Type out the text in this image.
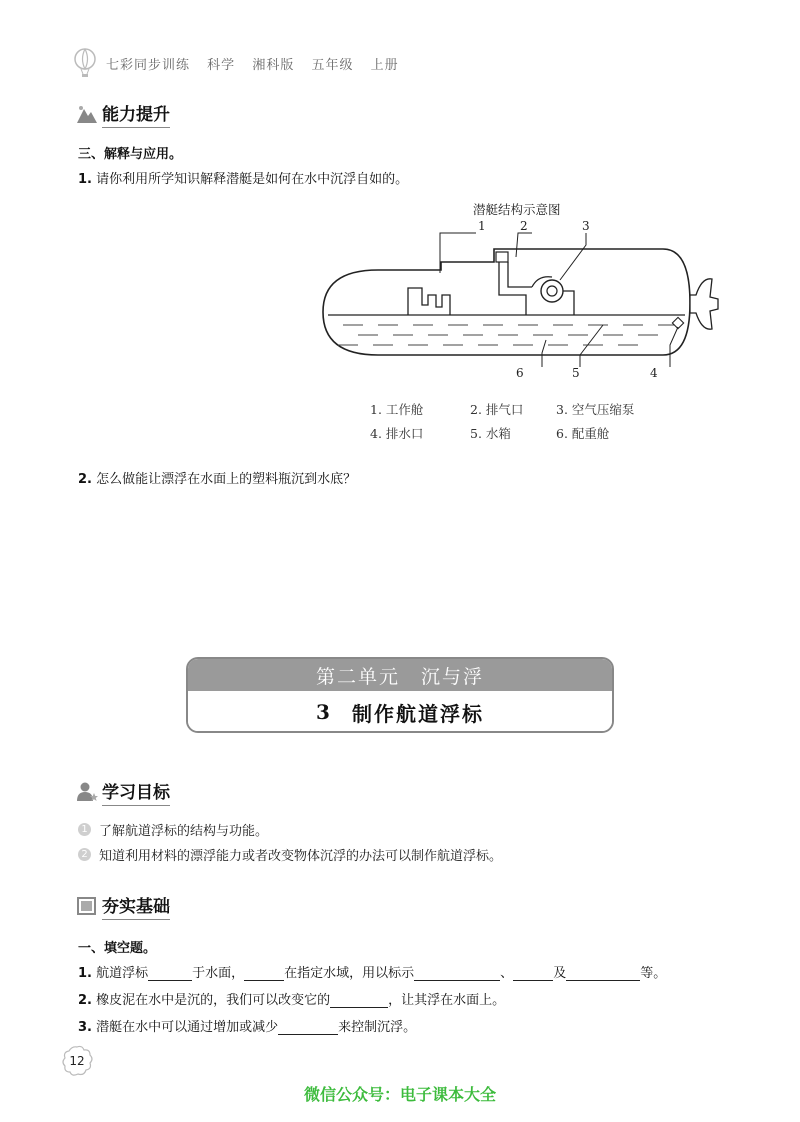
七彩同步训练 科学 湘科版 五年级 上册
能力提升
三、解释与应用。
1. 请你利用所学知识解释潜艇是如何在水中沉浮自如的。
潜艇结构示意图
1	2	3
4
5
6
1. 工作舱	2. 排气口	3. 空气压缩泵
4. 排水口	5. 水箱	6. 配重舱
2. 怎么做能让漂浮在水面上的塑料瓶沉到水底？
第二单元　沉与浮
3 制作航道浮标
学习目标
1 了解航道浮标的结构与功能。
2 知道利用材料的漂浮能力或者改变物体沉浮的办法可以制作航道浮标。
夯实基础
一、填空题。
1. 航道浮标	于水面，	在指定水域，用以标示	、	及	等。
2. 橡皮泥在水中是沉的，我们可以改变它的	，让其浮在水面上。
3. 潜艇在水中可以通过增加或减少	来控制沉浮。
12
微信公众号：电子课本大全
